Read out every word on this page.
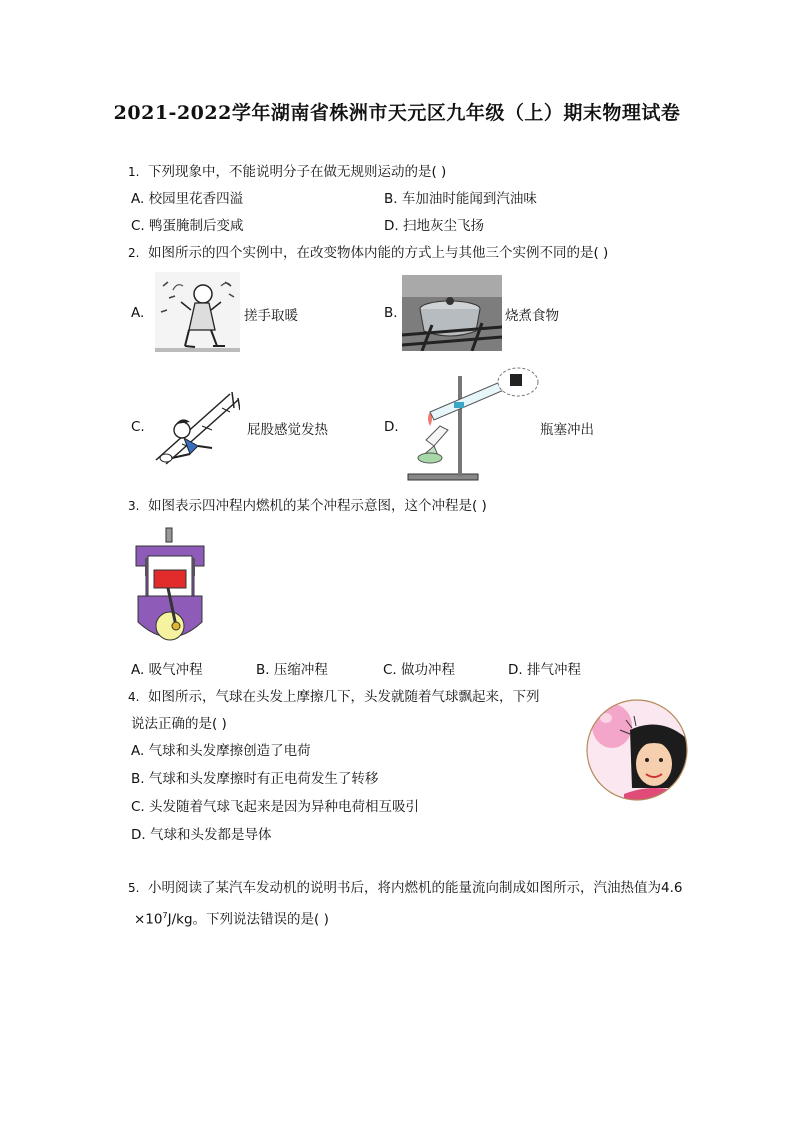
2021-2022学年湖南省株洲市天元区九年级（上）期末物理试卷
1. 下列现象中，不能说明分子在做无规则运动的是( )
A. 校园里花香四溢	B. 车加油时能闻到汽油味
C. 鸭蛋腌制后变咸	D. 扫地灰尘飞扬
2. 如图所示的四个实例中，在改变物体内能的方式上与其他三个实例不同的是( )
A.	搓手取暖	B.	烧煮食物
C.	屁股感觉发热	D.	瓶塞冲出
3. 如图表示四冲程内燃机的某个冲程示意图，这个冲程是( )
A. 吸气冲程	B. 压缩冲程	C. 做功冲程	D. 排气冲程
4. 如图所示，气球在头发上摩擦几下，头发就随着气球飘起来，下列
说法正确的是( )
A. 气球和头发摩擦创造了电荷
B. 气球和头发摩擦时有正电荷发生了转移
C. 头发随着气球飞起来是因为异种电荷相互吸引
D. 气球和头发都是导体
5. 小明阅读了某汽车发动机的说明书后，将内燃机的能量流向制成如图所示，汽油热值为4.6
$\times 10^7J/kg$。下列说法错误的是( )
